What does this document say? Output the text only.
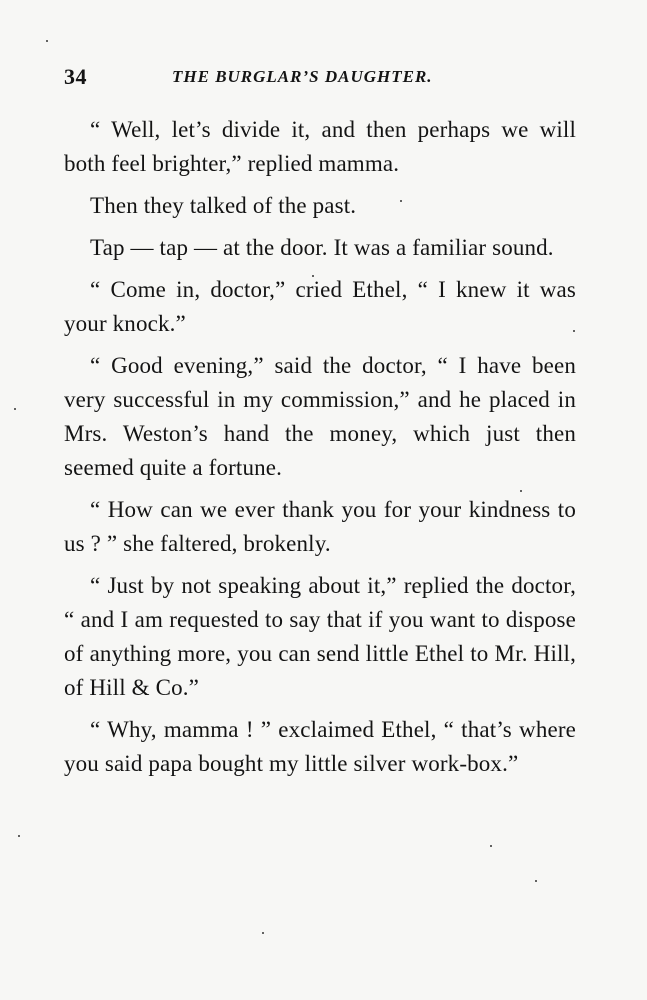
34	THE BURGLAR’S DAUGHTER.

“ Well, let’s divide it, and then perhaps we will both feel brighter,” replied mamma.

Then they talked of the past.

Tap — tap — at the door. It was a familiar sound.

“ Come in, doctor,” cried Ethel, “ I knew it was your knock.”

“ Good evening,” said the doctor, “ I have been very successful in my commission,” and he placed in Mrs. Weston’s hand the money, which just then seemed quite a fortune.

“ How can we ever thank you for your kindness to us ? ” she faltered, brokenly.

“ Just by not speaking about it,” replied the doctor, “ and I am requested to say that if you want to dispose of anything more, you can send little Ethel to Mr. Hill, of Hill & Co.”

“ Why, mamma ! ” exclaimed Ethel, “ that’s where you said papa bought my little silver work-box.”
